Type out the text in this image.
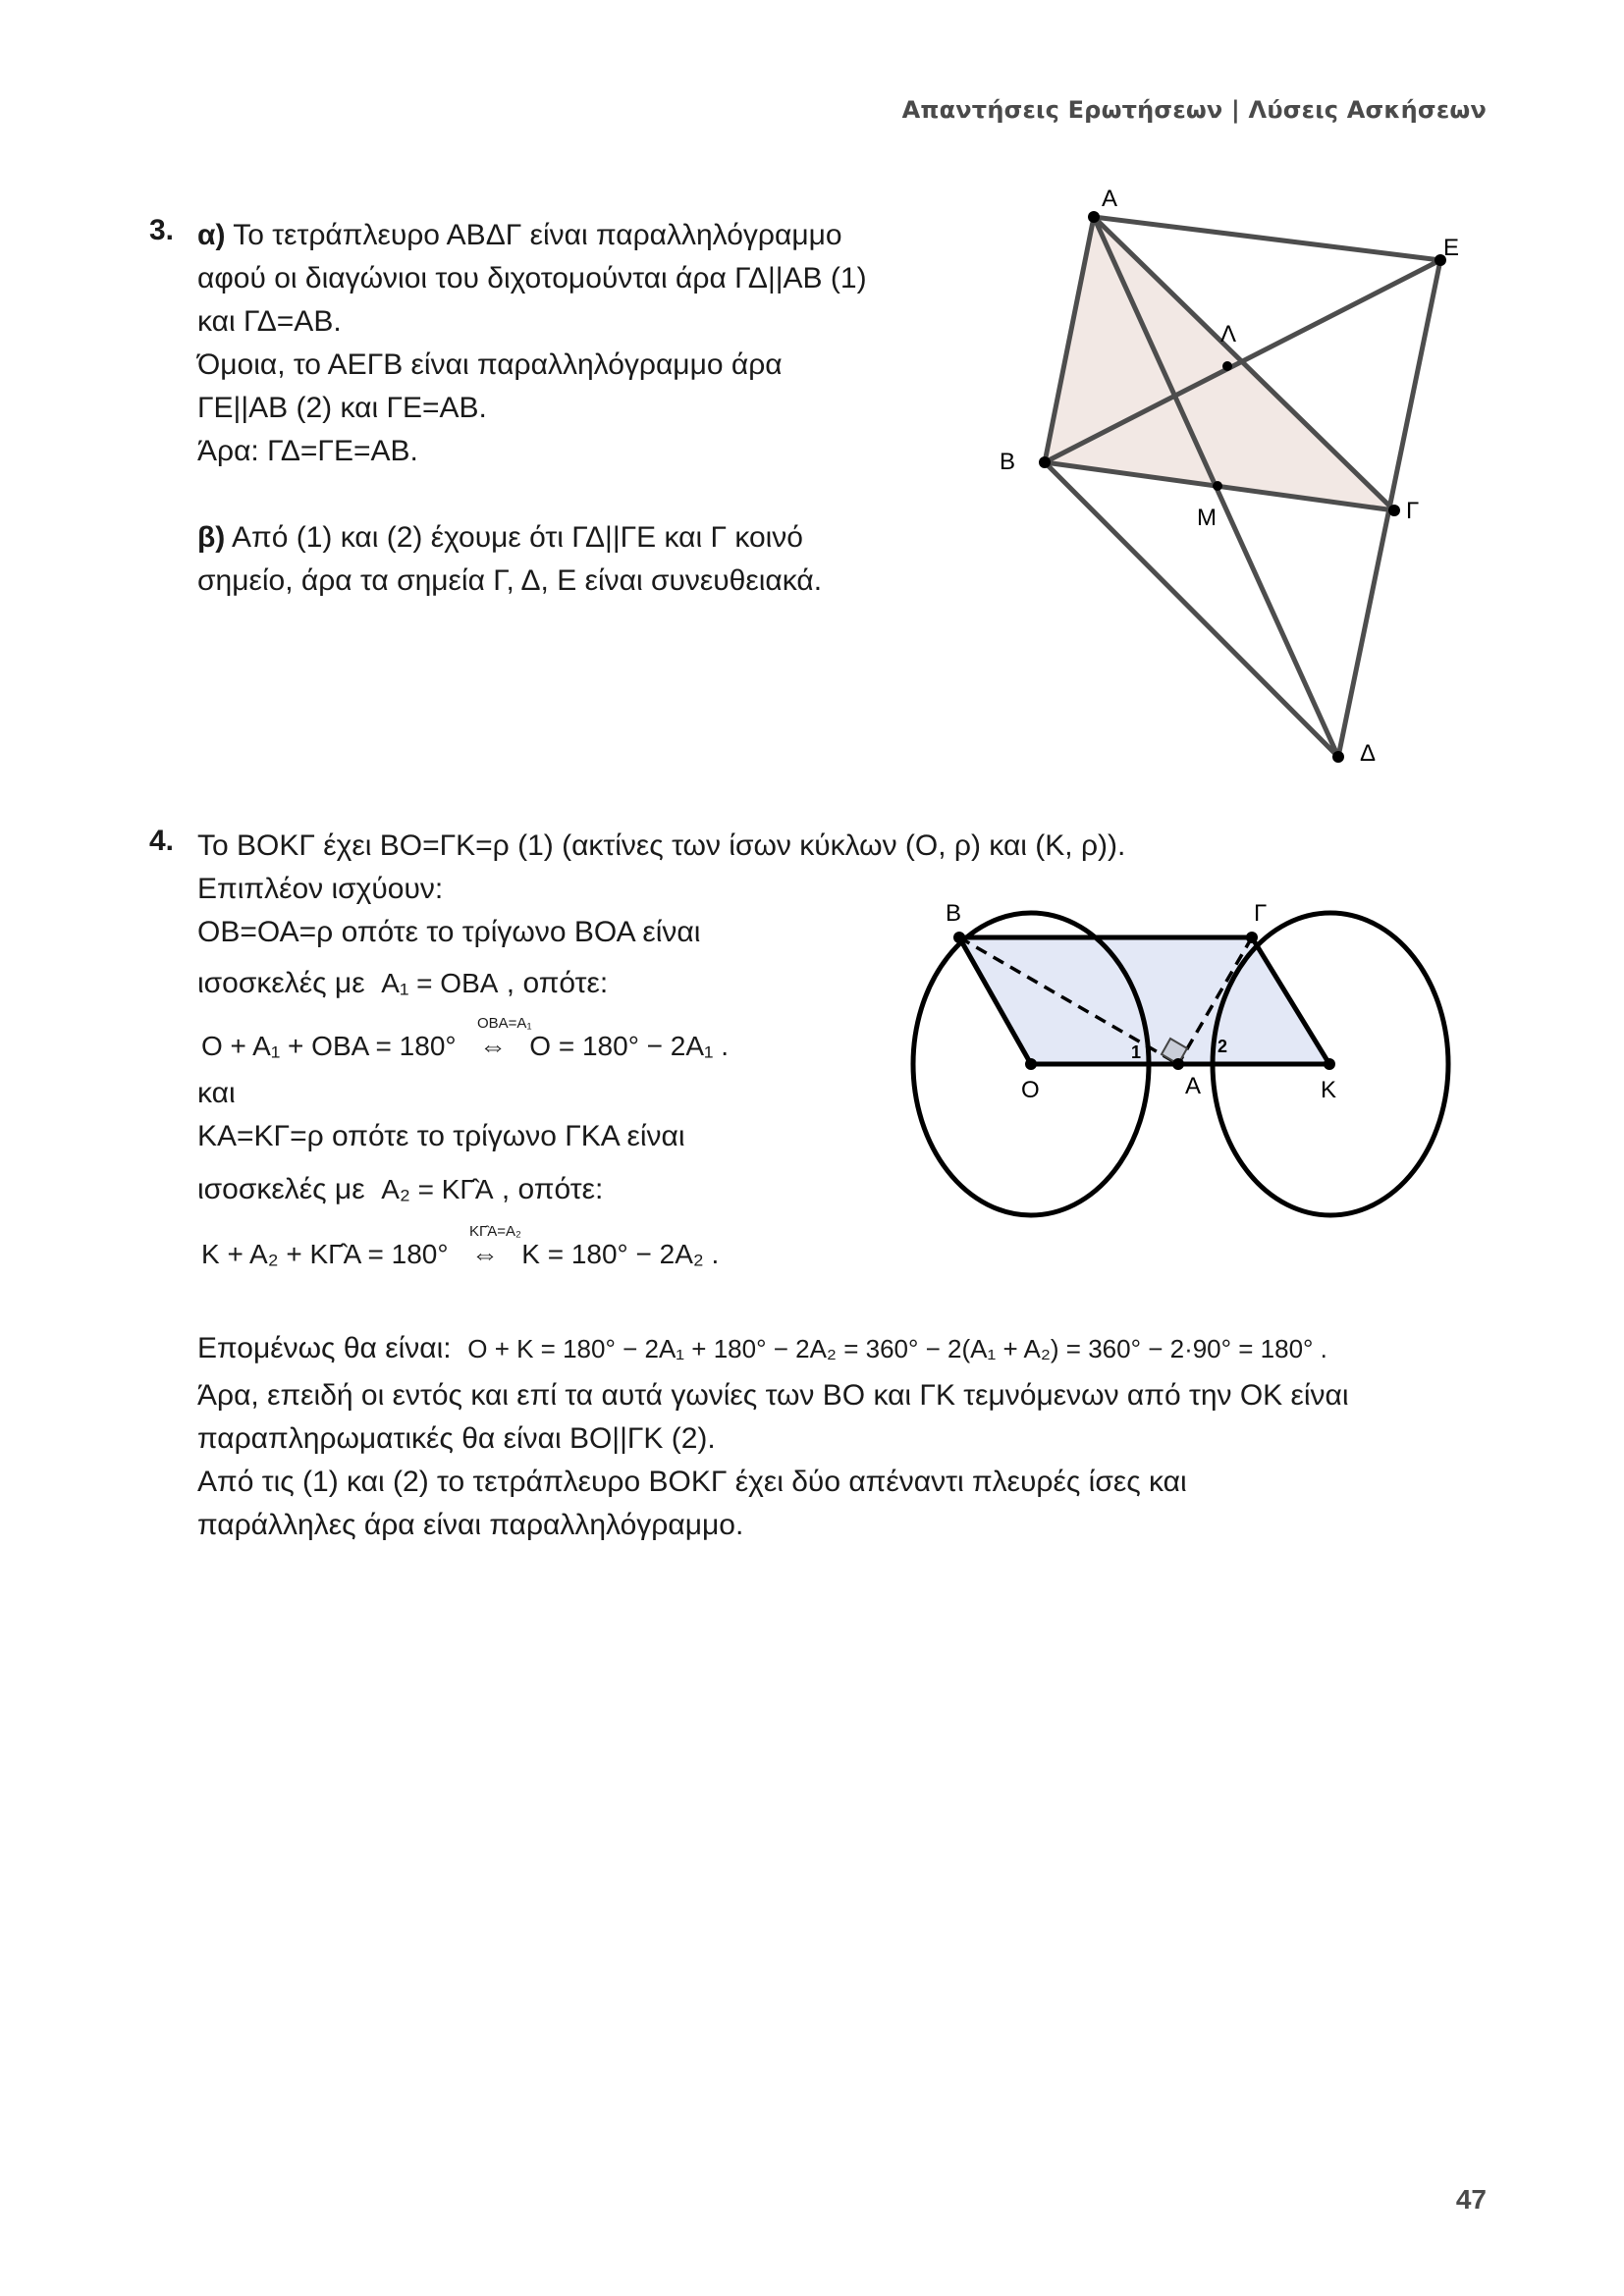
Απαντήσεις Ερωτήσεων | Λύσεις Ασκήσεων
3. α) Το τετράπλευρο ΑΒΔΓ είναι παραλληλόγραμμο
αφού οι διαγώνιοι του διχοτομούνται άρα ΓΔ||ΑΒ (1)
και ΓΔ=ΑΒ.
Όμοια, το ΑΕΓΒ είναι παραλληλόγραμμο άρα
ΓΕ||ΑΒ (2) και ΓΕ=ΑΒ.
Άρα: ΓΔ=ΓΕ=ΑΒ.
β) Από (1) και (2) έχουμε ότι ΓΔ||ΓΕ και Γ κοινό
σημείο, άρα τα σημεία Γ, Δ, Ε είναι συνευθειακά.
Α
Ε
Λ
Β
Μ	Γ
Δ
4. Το ΒΟΚΓ έχει ΒΟ=ΓΚ=ρ (1) (ακτίνες των ίσων κύκλων (Ο, ρ) και (Κ, ρ)).
Επιπλέον ισχύουν:
ΟΒ=ΟΑ=ρ οπότε το τρίγωνο ΒΟΑ είναι
ισοσκελές με Α₁ = ΟΒΑ , οπότε:
ΟΒΑ=Α₁
Ο + Α₁ + ΟΒΑ = 180° ⇔ Ο = 180° − 2Α₁ .
και
ΚΑ=ΚΓ=ρ οπότε το τρίγωνο ΓΚΑ είναι
ισοσκελές με Α₂ = ΚΓ̂Α , οπότε:
ΚΓ̂Α=Α₂
Κ + Α₂ + ΚΓ̂Α = 180° ⇔ Κ = 180° − 2Α₂ .
Επομένως θα είναι: Ο + Κ = 180° − 2Α₁ + 180° − 2Α₂ = 360° − 2(Α₁ + Α₂) = 360° − 2·90° = 180° .
Άρα, επειδή οι εντός και επί τα αυτά γωνίες των ΒΟ και ΓΚ τεμνόμενων από την ΟΚ είναι
παραπληρωματικές θα είναι ΒΟ||ΓΚ (2).
Από τις (1) και (2) το τετράπλευρο ΒΟΚΓ έχει δύο απέναντι πλευρές ίσες και
παράλληλες άρα είναι παραλληλόγραμμο.
Β	Γ
Ο	Α	Κ
1	2
47
